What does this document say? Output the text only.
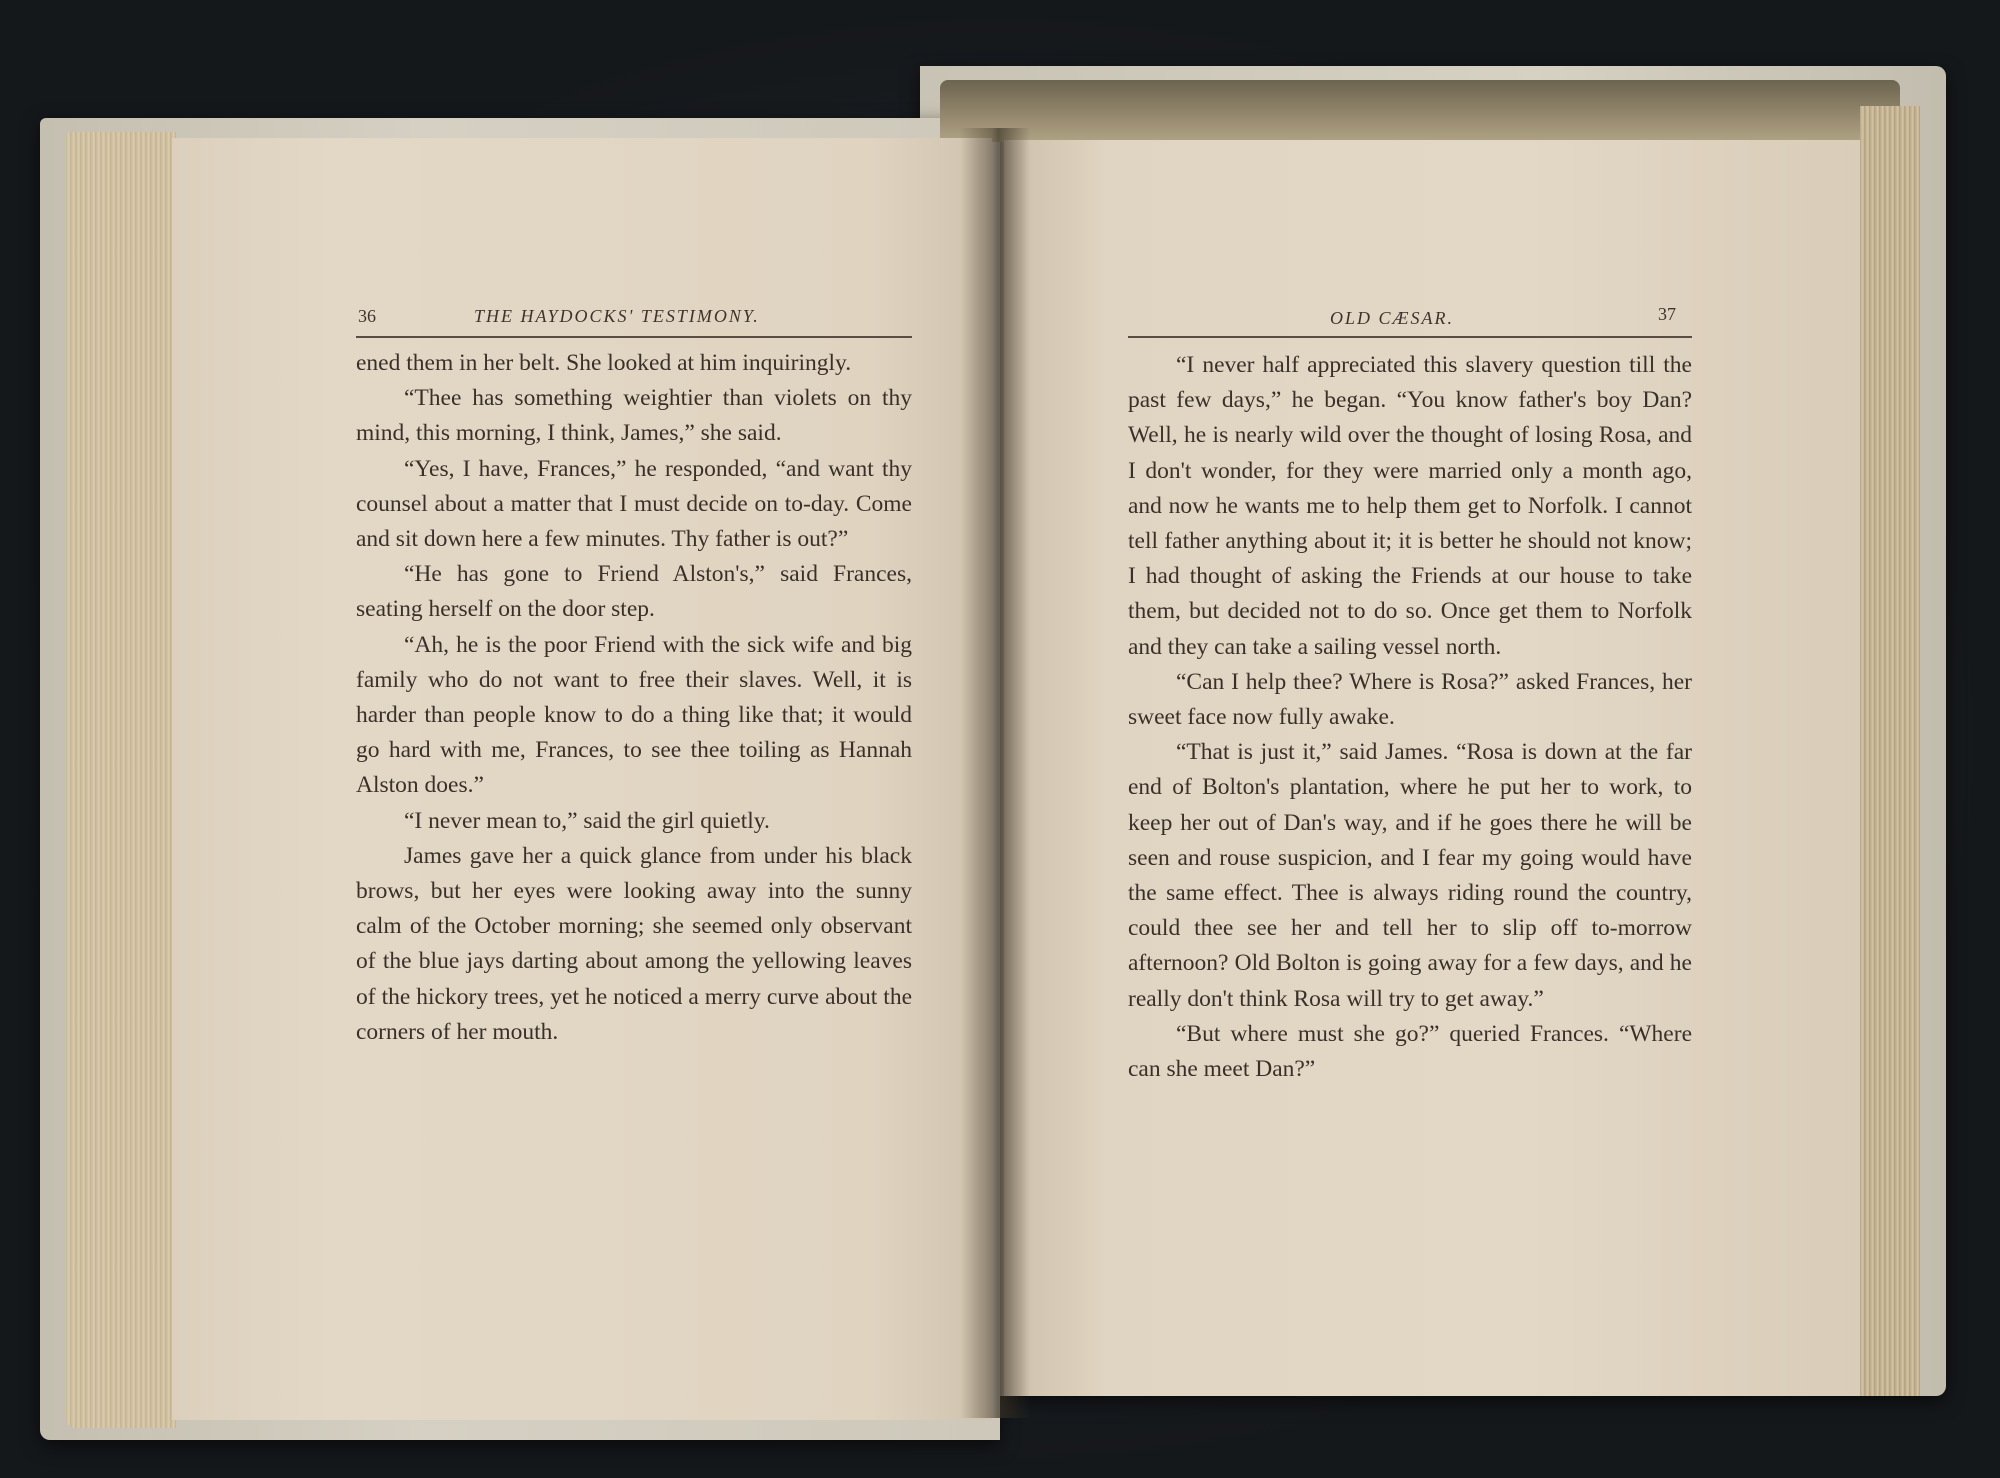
36	THE HAYDOCKS' TESTIMONY.

ened them in her belt. She looked at him inquiringly.

“Thee has something weightier than violets on thy mind, this morning, I think, James,” she said.

“Yes, I have, Frances,” he responded, “and want thy counsel about a matter that I must decide on to-day. Come and sit down here a few minutes. Thy father is out?”

“He has gone to Friend Alston's,” said Frances, seating herself on the door step.

“Ah, he is the poor Friend with the sick wife and big family who do not want to free their slaves. Well, it is harder than people know to do a thing like that; it would go hard with me, Frances, to see thee toiling as Hannah Alston does.”

“I never mean to,” said the girl quietly.

James gave her a quick glance from under his black brows, but her eyes were looking away into the sunny calm of the October morning; she seemed only observant of the blue jays darting about among the yellowing leaves of the hickory trees, yet he noticed a merry curve about the corners of her mouth.

OLD CÆSAR.	37

“I never half appreciated this slavery question till the past few days,” he began. “You know father's boy Dan? Well, he is nearly wild over the thought of losing Rosa, and I don't wonder, for they were married only a month ago, and now he wants me to help them get to Norfolk. I cannot tell father anything about it; it is better he should not know; I had thought of asking the Friends at our house to take them, but decided not to do so. Once get them to Norfolk and they can take a sailing vessel north.

“Can I help thee? Where is Rosa?” asked Frances, her sweet face now fully awake.

“That is just it,” said James. “Rosa is down at the far end of Bolton's plantation, where he put her to work, to keep her out of Dan's way, and if he goes there he will be seen and rouse suspicion, and I fear my going would have the same effect. Thee is always riding round the country, could thee see her and tell her to slip off to-morrow afternoon? Old Bolton is going away for a few days, and he really don't think Rosa will try to get away.”

“But where must she go?” queried Frances. “Where can she meet Dan?”
